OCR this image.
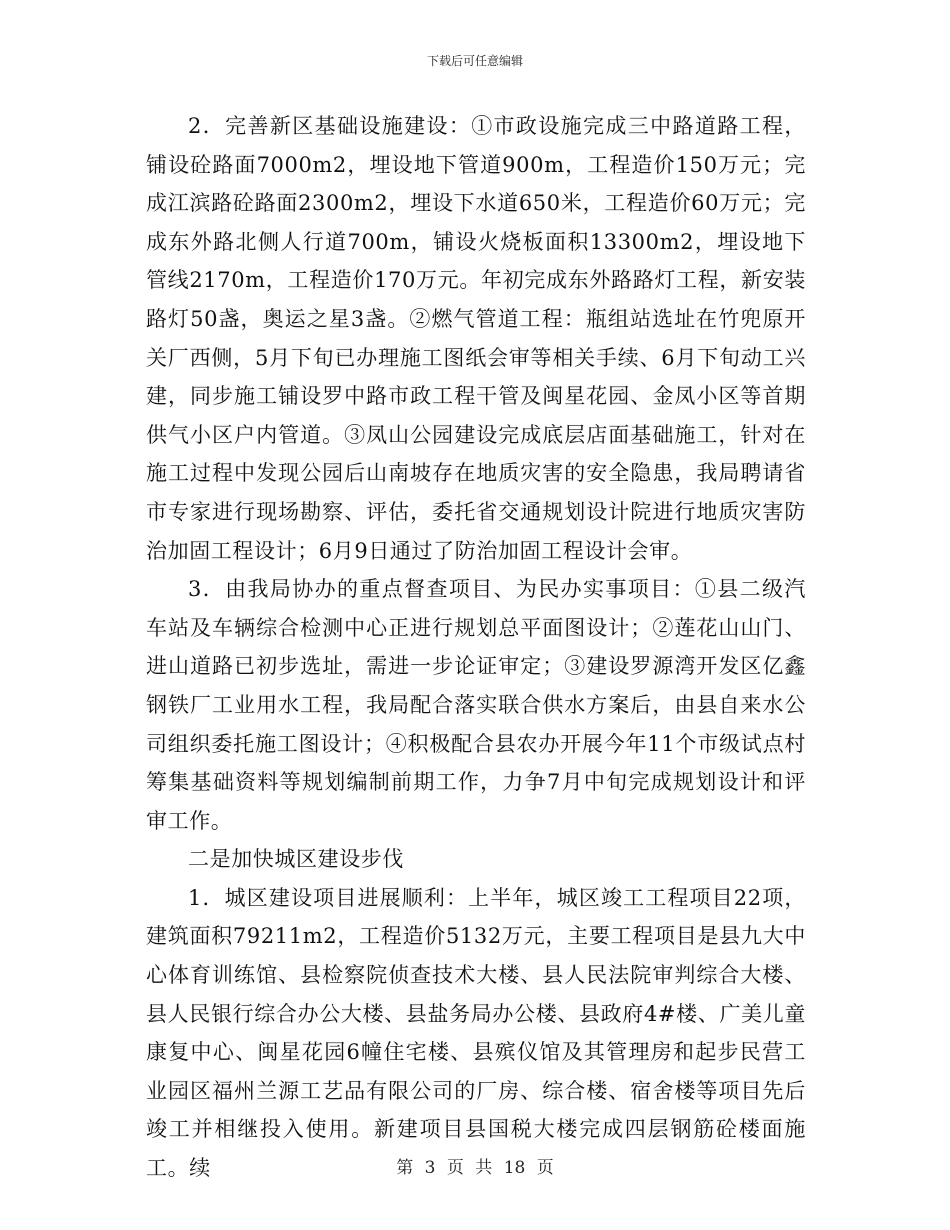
下载后可任意编辑

2．完善新区基础设施建设：①市政设施完成三中路道路工程，铺设砼路面7000m2，埋设地下管道900m，工程造价150万元；完成江滨路砼路面2300m2，埋设下水道650米，工程造价60万元；完成东外路北侧人行道700m，铺设火烧板面积13300m2，埋设地下管线2170m，工程造价170万元。年初完成东外路路灯工程，新安装路灯50盏，奥运之星3盏。②燃气管道工程：瓶组站选址在竹兜原开关厂西侧，5月下旬已办理施工图纸会审等相关手续、6月下旬动工兴建，同步施工铺设罗中路市政工程干管及闽星花园、金凤小区等首期供气小区户内管道。③凤山公园建设完成底层店面基础施工，针对在施工过程中发现公园后山南坡存在地质灾害的安全隐患，我局聘请省市专家进行现场勘察、评估，委托省交通规划设计院进行地质灾害防治加固工程设计；6月9日通过了防治加固工程设计会审。

3．由我局协办的重点督查项目、为民办实事项目：①县二级汽车站及车辆综合检测中心正进行规划总平面图设计；②莲花山山门、进山道路已初步选址，需进一步论证审定；③建设罗源湾开发区亿鑫钢铁厂工业用水工程，我局配合落实联合供水方案后，由县自来水公司组织委托施工图设计；④积极配合县农办开展今年11个市级试点村筹集基础资料等规划编制前期工作，力争7月中旬完成规划设计和评审工作。

二是加快城区建设步伐

1．城区建设项目进展顺利：上半年，城区竣工工程项目22项，建筑面积79211m2，工程造价5132万元，主要工程项目是县九大中心体育训练馆、县检察院侦查技术大楼、县人民法院审判综合大楼、县人民银行综合办公大楼、县盐务局办公楼、县政府4#楼、广美儿童康复中心、闽星花园6幢住宅楼、县殡仪馆及其管理房和起步民营工业园区福州兰源工艺品有限公司的厂房、综合楼、宿舍楼等项目先后竣工并相继投入使用。新建项目县国税大楼完成四层钢筋砼楼面施工。续	第 3 页 共 18 页
